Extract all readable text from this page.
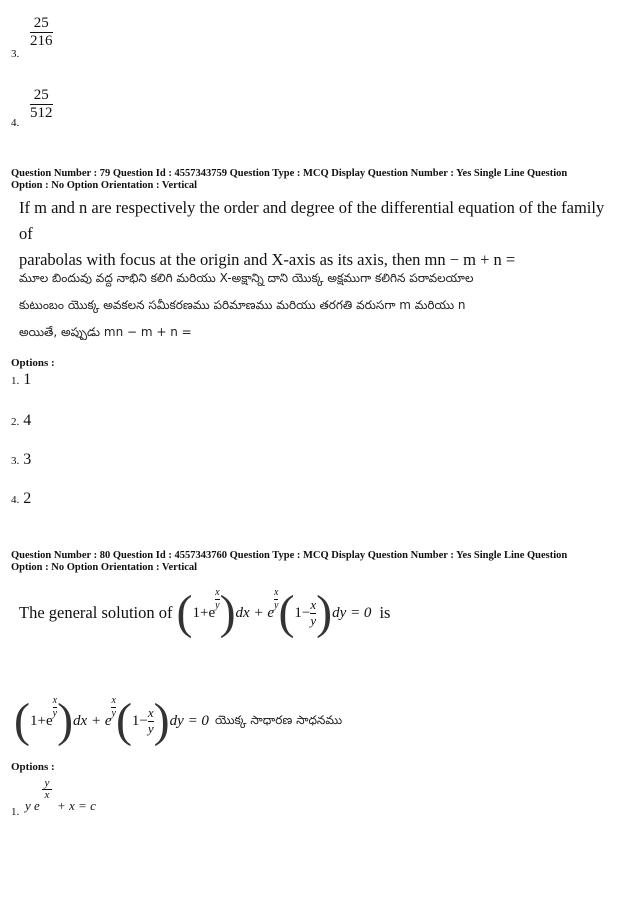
$\frac{25}{216}$
3.
$\frac{25}{512}$
4.
Question Number : 79 Question Id : 4557343759 Question Type : MCQ Display Question Number : Yes Single Line Question
Option : No Option Orientation : Vertical
If m and n are respectively the order and degree of the differential equation of the family of
parabolas with focus at the origin and X-axis as its axis, then mn − m + n =
మూల బిందువు వద్ద నాభిని కలిగి మరియు X-అక్షాన్ని దాని యొక్క అక్షముగా కలిగిన పరావలయాల
కుటుంబం యొక్క అవకలన సమీకరణము పరిమాణము మరియు తరగతి వరుసగా m మరియు n
అయితే, అప్పుడు mn − m + n =
Options :
1. 1
2. 4
3. 3
4. 2
Question Number : 80 Question Id : 4557343760 Question Type : MCQ Display Question Number : Yes Single Line Question
Option : No Option Orientation : Vertical
The general solution of ( 1+e
$\frac{x}{y}$ ) dx + e
$\frac{x}{y}$ ( $1- \frac{x}{y}$ ) dy = 0 is
( 1+e
$\frac{x}{y}$ ) dx + e
$\frac{x}{y}$ ( $1- \frac{x}{y}$ ) dy = 0 యొక్క సాధారణ సాధనము
Options :
1. y e
y
x
+ x = c
